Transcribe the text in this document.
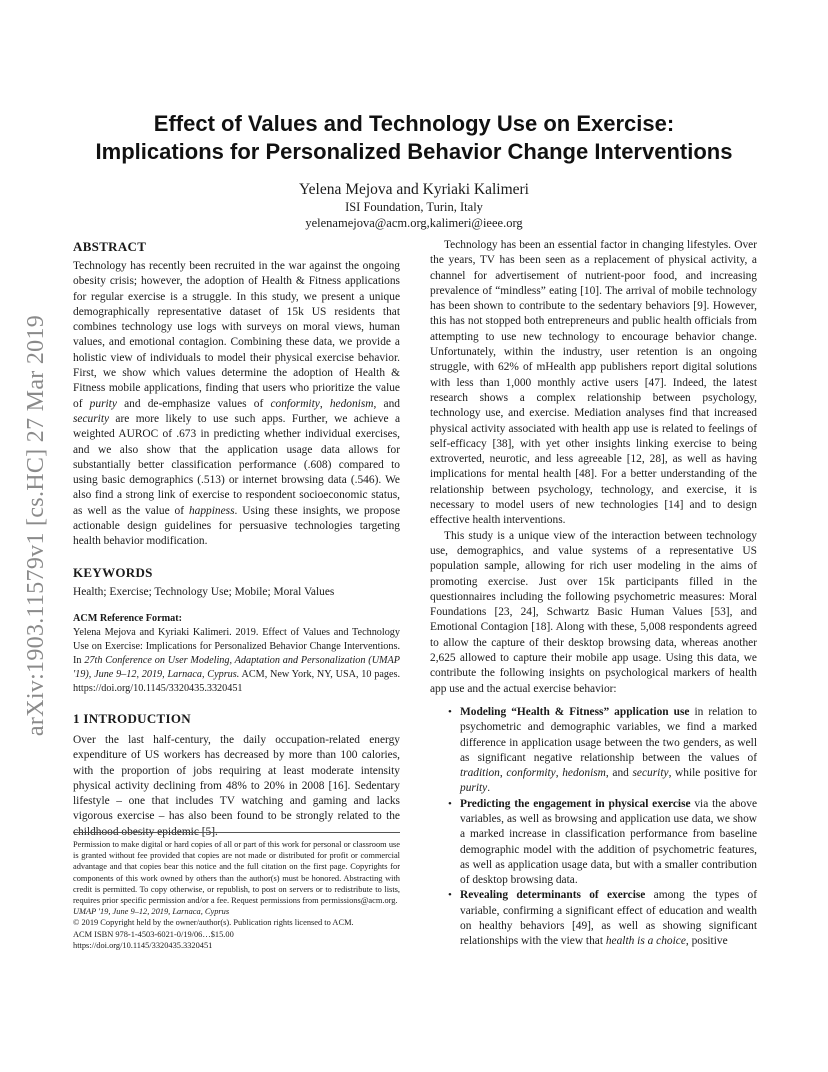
arXiv:1903.11579v1 [cs.HC] 27 Mar 2019
Effect of Values and Technology Use on Exercise:
Implications for Personalized Behavior Change Interventions
Yelena Mejova and Kyriaki Kalimeri
ISI Foundation, Turin, Italy
yelenamejova@acm.org,kalimeri@ieee.org
ABSTRACT

Technology has recently been recruited in the war against the ongoing obesity crisis; however, the adoption of Health & Fitness applications for regular exercise is a struggle. In this study, we present a unique demographically representative dataset of 15k US residents that combines technology use logs with surveys on moral views, human values, and emotional contagion. Combining these data, we provide a holistic view of individuals to model their physical exercise behavior. First, we show which values determine the adoption of Health & Fitness mobile applications, finding that users who prioritize the value of purity and de-emphasize values of conformity, hedonism, and security are more likely to use such apps. Further, we achieve a weighted AUROC of .673 in predicting whether individual exercises, and we also show that the application usage data allows for substantially better classification performance (.608) compared to using basic demographics (.513) or internet browsing data (.546). We also find a strong link of exercise to respondent socioeconomic status, as well as the value of happiness. Using these insights, we propose actionable design guidelines for persuasive technologies targeting health behavior modification.

KEYWORDS

Health; Exercise; Technology Use; Mobile; Moral Values

ACM Reference Format:

Yelena Mejova and Kyriaki Kalimeri. 2019. Effect of Values and Technology Use on Exercise: Implications for Personalized Behavior Change Interventions. In 27th Conference on User Modeling, Adaptation and Personalization (UMAP '19), June 9–12, 2019, Larnaca, Cyprus. ACM, New York, NY, USA, 10 pages. https://doi.org/10.1145/3320435.3320451

1 INTRODUCTION

Over the last half-century, the daily occupation-related energy expenditure of US workers has decreased by more than 100 calories, with the proportion of jobs requiring at least moderate intensity physical activity declining from 48% to 20% in 2008 [16]. Sedentary lifestyle – one that includes TV watching and gaming and lacks vigorous exercise – has also been found to be strongly related to the childhood obesity epidemic [5].

Permission to make digital or hard copies of all or part of this work for personal or classroom use is granted without fee provided that copies are not made or distributed for profit or commercial advantage and that copies bear this notice and the full citation on the first page. Copyrights for components of this work owned by others than the author(s) must be honored. Abstracting with credit is permitted. To copy otherwise, or republish, to post on servers or to redistribute to lists, requires prior specific permission and/or a fee. Request permissions from permissions@acm.org.

UMAP '19, June 9–12, 2019, Larnaca, Cyprus
© 2019 Copyright held by the owner/author(s). Publication rights licensed to ACM.
ACM ISBN 978-1-4503-6021-0/19/06…$15.00
https://doi.org/10.1145/3320435.3320451

Technology has been an essential factor in changing lifestyles. Over the years, TV has been seen as a replacement of physical activity, a channel for advertisement of nutrient-poor food, and increasing prevalence of “mindless” eating [10]. The arrival of mobile technology has been shown to contribute to the sedentary behaviors [9]. However, this has not stopped both entrepreneurs and public health officials from attempting to use new technology to encourage behavior change. Unfortunately, within the industry, user retention is an ongoing struggle, with 62% of mHealth app publishers report digital solutions with less than 1,000 monthly active users [47]. Indeed, the latest research shows a complex relationship between psychology, technology use, and exercise. Mediation analyses find that increased physical activity associated with health app use is related to feelings of self-efficacy [38], with yet other insights linking exercise to being extroverted, neurotic, and less agreeable [12, 28], as well as having implications for mental health [48]. For a better understanding of the relationship between psychology, technology, and exercise, it is necessary to model users of new technologies [14] and to design effective health interventions.

This study is a unique view of the interaction between technology use, demographics, and value systems of a representative US population sample, allowing for rich user modeling in the aims of promoting exercise. Just over 15k participants filled in the questionnaires including the following psychometric measures: Moral Foundations [23, 24], Schwartz Basic Human Values [53], and Emotional Contagion [18]. Along with these, 5,008 respondents agreed to allow the capture of their desktop browsing data, whereas another 2,625 allowed to capture their mobile app usage. Using this data, we contribute the following insights on psychological markers of health app use and the actual exercise behavior:

• Modeling “Health & Fitness” application use in relation to psychometric and demographic variables, we find a marked difference in application usage between the two genders, as well as significant negative relationship between the values of tradition, conformity, hedonism, and security, while positive for purity.
• Predicting the engagement in physical exercise via the above variables, as well as browsing and application use data, we show a marked increase in classification performance from baseline demographic model with the addition of psychometric features, as well as application usage data, but with a smaller contribution of desktop browsing data.
• Revealing determinants of exercise among the types of variable, confirming a significant effect of education and wealth on healthy behaviors [49], as well as showing significant relationships with the view that health is a choice, positive
